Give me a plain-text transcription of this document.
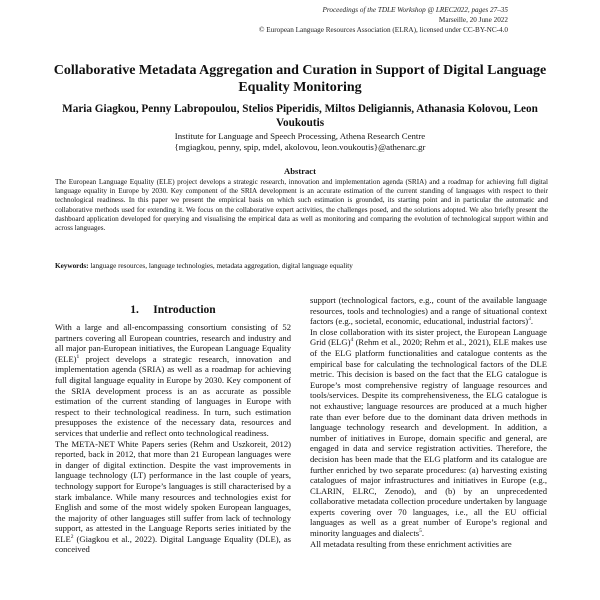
Proceedings of the TDLE Workshop @ LREC2022, pages 27–35
Marseille, 20 June 2022
© European Language Resources Association (ELRA), licensed under CC-BY-NC-4.0
Collaborative Metadata Aggregation and Curation in Support of Digital Language Equality Monitoring
Maria Giagkou, Penny Labropoulou, Stelios Piperidis, Miltos Deligiannis, Athanasia Kolovou, Leon Voukoutis
Institute for Language and Speech Processing, Athena Research Centre
{mgiagkou, penny, spip, mdel, akolovou, leon.voukoutis}@athenarc.gr
Abstract
The European Language Equality (ELE) project develops a strategic research, innovation and implementation agenda (SRIA) and a roadmap for achieving full digital language equality in Europe by 2030. Key component of the SRIA development is an accurate estimation of the current standing of languages with respect to their technological readiness. In this paper we present the empirical basis on which such estimation is grounded, its starting point and in particular the automatic and collaborative methods used for extending it. We focus on the collaborative expert activities, the challenges posed, and the solutions adopted. We also briefly present the dashboard application developed for querying and visualising the empirical data as well as monitoring and comparing the evolution of technological support within and across languages.
Keywords: language resources, language technologies, metadata aggregation, digital language equality
1. Introduction

With a large and all-encompassing consortium consisting of 52 partners covering all European countries, research and industry and all major pan-European initiatives, the European Language Equality (ELE)$^1$ project develops a strategic research, innovation and implementation agenda (SRIA) as well as a roadmap for achieving full digital language equality in Europe by 2030. Key component of the SRIA development process is an as accurate as possible estimation of the current standing of languages in Europe with respect to their technological readiness. In turn, such estimation presupposes the existence of the necessary data, resources and services that underlie and reflect onto technological readiness.

The META-NET White Papers series (Rehm and Uszkoreit, 2012) reported, back in 2012, that more than 21 European languages were in danger of digital extinction. Despite the vast improvements in language technology (LT) performance in the last couple of years, technology support for Europe’s languages is still characterised by a stark imbalance. While many resources and technologies exist for English and some of the most widely spoken European languages, the majority of other languages still suffer from lack of technology support, as attested in the Language Reports series initiated by the ELE$^2$ (Giagkou et al., 2022). Digital Language Equality (DLE), as conceived

support (technological factors, e.g., count of the available language resources, tools and technologies) and a range of situational context factors (e.g., societal, economic, educational, industrial factors)$^3$.

In close collaboration with its sister project, the European Language Grid (ELG)$^4$ (Rehm et al., 2020; Rehm et al., 2021), ELE makes use of the ELG platform functionalities and catalogue contents as the empirical base for calculating the technological factors of the DLE metric. This decision is based on the fact that the ELG catalogue is Europe’s most comprehensive registry of language resources and tools/services. Despite its comprehensiveness, the ELG catalogue is not exhaustive; language resources are produced at a much higher rate than ever before due to the dominant data driven methods in language technology research and development. In addition, a number of initiatives in Europe, domain specific and general, are engaged in data and service registration activities. Therefore, the decision has been made that the ELG platform and its catalogue are further enriched by two separate procedures: (a) harvesting existing catalogues of major infrastructures and initiatives in Europe (e.g., CLARIN, ELRC, Zenodo), and (b) by an unprecedented collaborative metadata collection procedure undertaken by language experts covering over 70 languages, i.e., all the EU official languages as well as a great number of Europe’s regional and minority languages and dialects$^5$.

All metadata resulting from these enrichment activities are
